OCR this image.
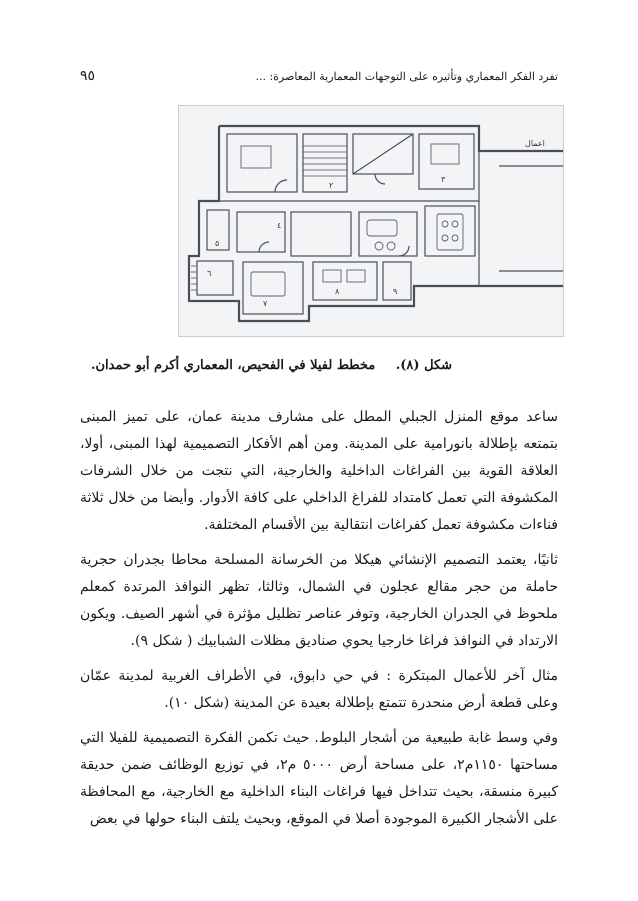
تفرد الفكر المعماري وتأثيره على التوجهات المعمارية المعاصرة: ...
٩٥
٣
٢
٤
٥
٦
٧
٨	٩
اعمال
شكل (٨). مخطط لفيلا في الفحيص، المعماري أكرم أبو حمدان.

ساعد موقع المنزل الجبلي المطل على مشارف مدينة عمان، على تميز المبنى بتمتعه بإطلالة بانورامية على المدينة. ومن أهم الأفكار التصميمية لهذا المبنى، أولا، العلاقة القوية بين الفراغات الداخلية والخارجية، التي نتجت من خلال الشرفات المكشوفة التي تعمل كامتداد للفراغ الداخلي على كافة الأدوار. وأيضا من خلال ثلاثة فناءات مكشوفة تعمل كفراغات انتقالية بين الأقسام المختلفة.

ثانيًا، يعتمد التصميم الإنشائي هيكلا من الخرسانة المسلحة محاطا بجدران حجرية حاملة من حجر مقالع عجلون في الشمال، وثالثا، تظهر النوافذ المرتدة كمعلم ملحوظ في الجدران الخارجية، وتوفر عناصر تظليل مؤثرة في أشهر الصيف. ويكون الارتداد في النوافذ فراغا خارجيا يحوي صناديق مظلات الشبابيك ( شكل ٩).

مثال آخر للأعمال المبتكرة : في حي دابوق، في الأطراف الغربية لمدينة عمّان وعلى قطعة أرض منحدرة تتمتع بإطلالة بعيدة عن المدينة (شكل ١٠).

وفي وسط غابة طبيعية من أشجار البلوط. حيث تكمن الفكرة التصميمية للفيلا التي مساحتها ١١٥٠م٢، على مساحة أرض ٥٠٠٠ م٢، في توزيع الوظائف ضمن حديقة كبيرة منسقة، بحيث تتداخل فيها فراغات البناء الداخلية مع الخارجية، مع المحافظة على الأشجار الكبيرة الموجودة أصلا في الموقع، وبحيث يلتف البناء حولها في بعض
